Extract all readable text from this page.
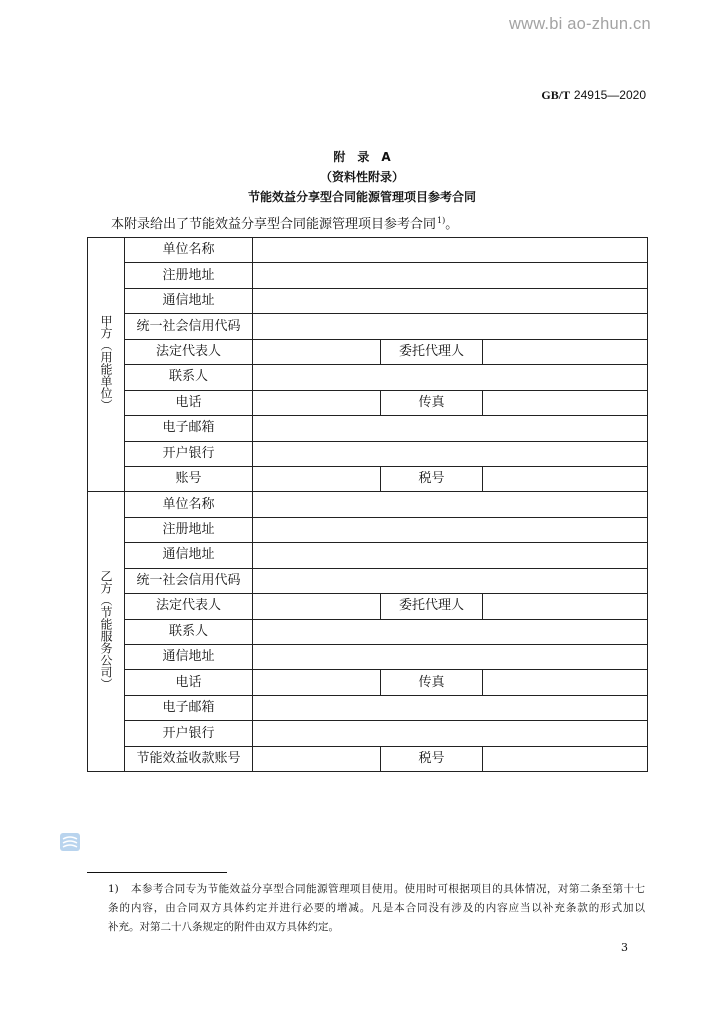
www.bi ao-zhun.cn
GB/T 24915—2020
附　录　A
（资料性附录）
节能效益分享型合同能源管理项目参考合同
本附录给出了节能效益分享型合同能源管理项目参考合同$^{1)}$。
甲方（用能单位）	单位名称			
	注册地址			
	通信地址			
	统一社会信用代码			
	法定代表人		委托代理人	
	联系人			
	电话		传真	
	电子邮箱			
	开户银行			
	账号		税号	
乙方（节能服务公司）	单位名称			
	注册地址			
	通信地址			
	统一社会信用代码			
	法定代表人		委托代理人	
	联系人			
	通信地址			
	电话		传真	
	电子邮箱			
	开户银行			
	节能效益收款账号		税号	
1)	本参考合同专为节能效益分享型合同能源管理项目使用。使用时可根据项目的具体情况，对第二条至第十七
条的内容，由合同双方具体约定并进行必要的增减。凡是本合同没有涉及的内容应当以补充条款的形式加以
补充。对第二十八条规定的附件由双方具体约定。
3
